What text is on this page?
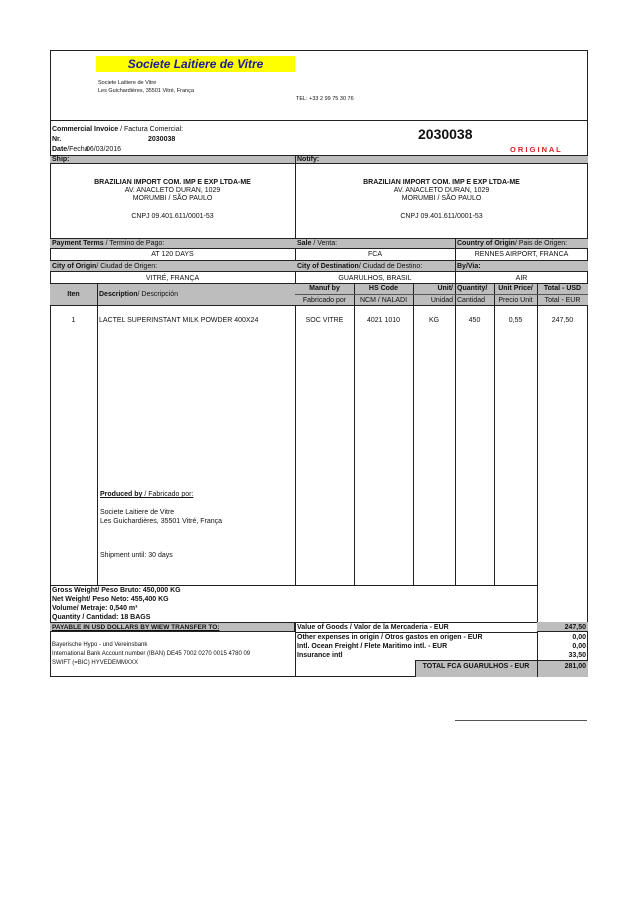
Societe Laitiere de Vitre
Societe Laitiere de Vitre
Les Guichardières, 35501 Vitré, França
TEL: +33 2 99 75 30 76
Commercial Invoice / Factura Comercial:
Nr.	2030038
Date/Fecha
06/03/2016
2030038
O R I G I N A L
Ship:	Notify:
BRAZILIAN IMPORT COM. IMP E EXP LTDA-ME
AV. ANACLETO DURAN, 1029
MORUMBI / SÃO PAULO
CNPJ 09.401.611/0001-53
BRAZILIAN IMPORT COM. IMP E EXP LTDA-ME
AV. ANACLETO DURAN, 1029
MORUMBI / SÃO PAULO
CNPJ 09.401.611/0001-53
Payment Terms / Termino de Pago:
AT 120 DAYS
Sale / Venta:
FCA
Country of Origin/ Pais de Origen:
RENNES AIRPORT, FRANCA
City of Origin/ Ciudad de Origen:
VITRÉ, FRANÇA
City of Destination/ Ciudad de Destino:
GUARULHOS, BRASIL
By/Via:
AIR
Iten	Description/ Descripción
Manuf by
Fabricado por
HS Code
NCM / NALADI
Unit/
Unidad
Quantity/
Cantidad
Unit Price/
Precio Unit
Total - USD
Total - EUR
1	LACTEL SUPERINSTANT MILK POWDER 400X24	SOC VITRE	4021 1010	KG	450	0,55	247,50
Produced by / Fabricado por:
Societe Laitiere de Vitre
Les Guichardières, 35501 Vitré, França
Shipment until: 30 days
Gross Weight/ Peso Bruto: 450,000 KG
Net Weight/ Peso Neto: 455,400 KG
Volume/ Metraje: 0,540 m³
Quantity / Cantidad: 18 BAGS
PAYABLE IN USD DOLLARS BY WIEW TRANSFER TO:
Bayerische Hypo - und Vereinsbank
International Bank Account number (IBAN) DE45 7002 0270 0015 4780 09
SWIFT (=BIC) HYVEDEMMXXX
Value of Goods / Valor de la Mercaderia - EUR	247,50
Other expenses in origin / Otros gastos en origen - EUR	0,00
Intl. Ocean Freight / Flete Maritimo intl. - EUR	0,00
Insurance intl	33,50
TOTAL FCA GUARULHOS - EUR	281,00
